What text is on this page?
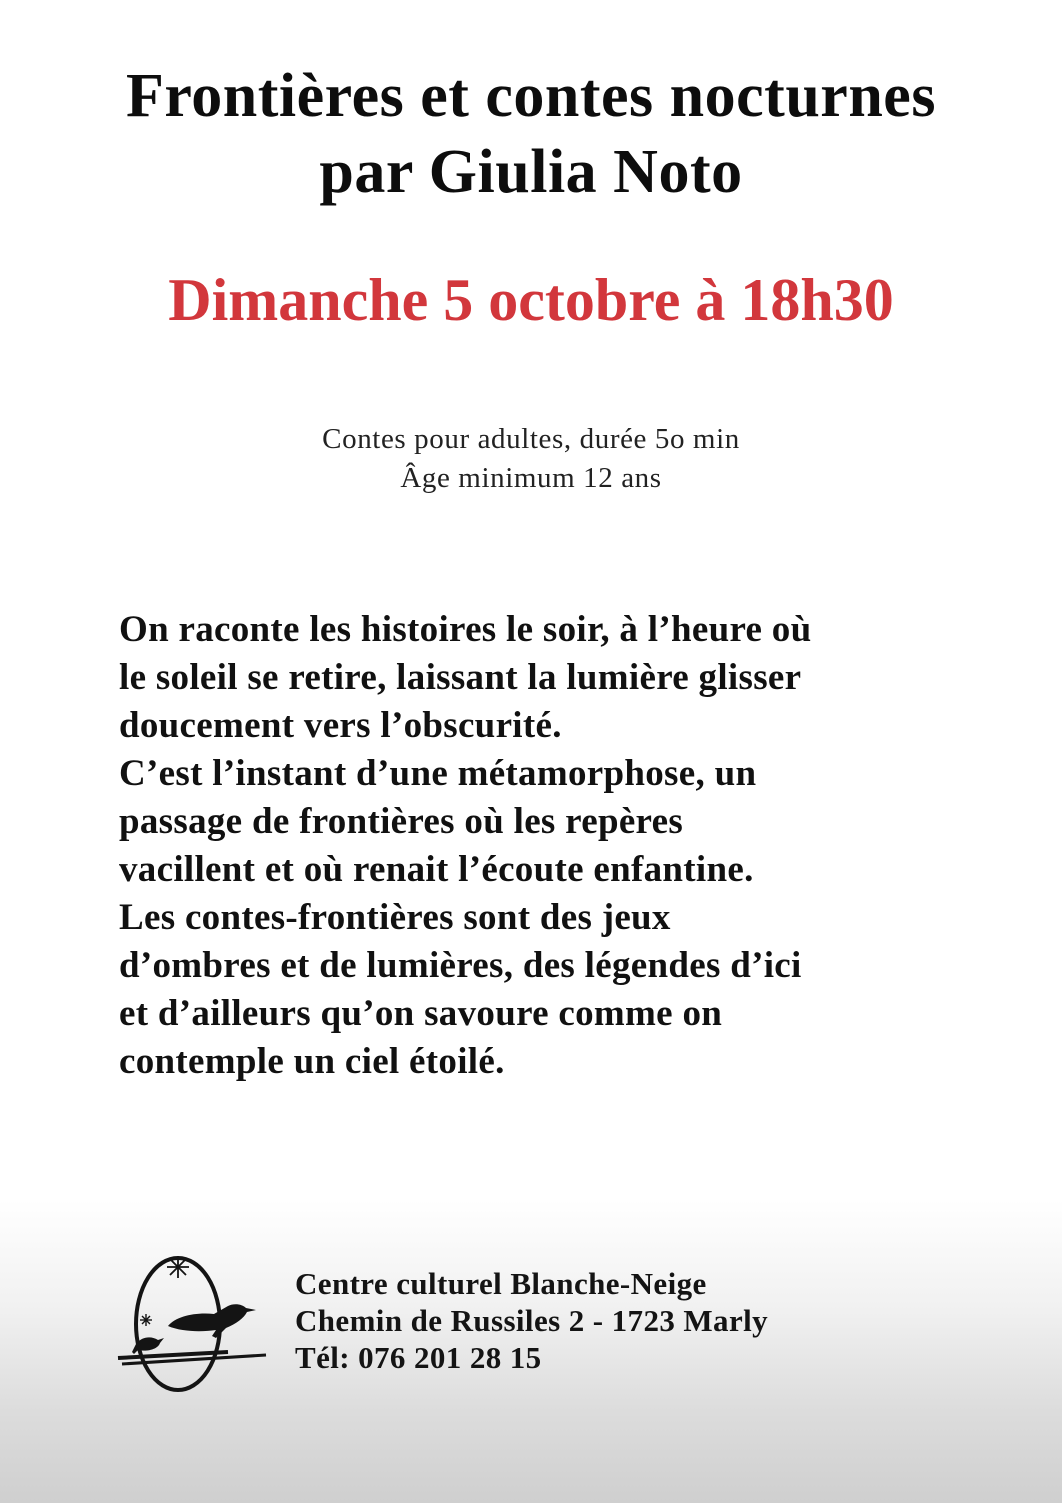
Frontières et contes nocturnes
par Giulia Noto
Dimanche 5 octobre à 18h30
Contes pour adultes, durée 5o min
Âge minimum 12 ans
On raconte les histoires le soir, à l’heure où
le soleil se retire, laissant la lumière glisser
doucement vers l’obscurité.
C’est l’instant d’une métamorphose, un
passage de frontières où les repères
vacillent et où renait l’écoute enfantine.
Les contes-frontières sont des jeux
d’ombres et de lumières, des légendes d’ici
et d’ailleurs qu’on savoure comme on
contemple un ciel étoilé.
Centre culturel Blanche-Neige
Chemin de Russiles 2 - 1723 Marly
Tél: 076 201 28 15
